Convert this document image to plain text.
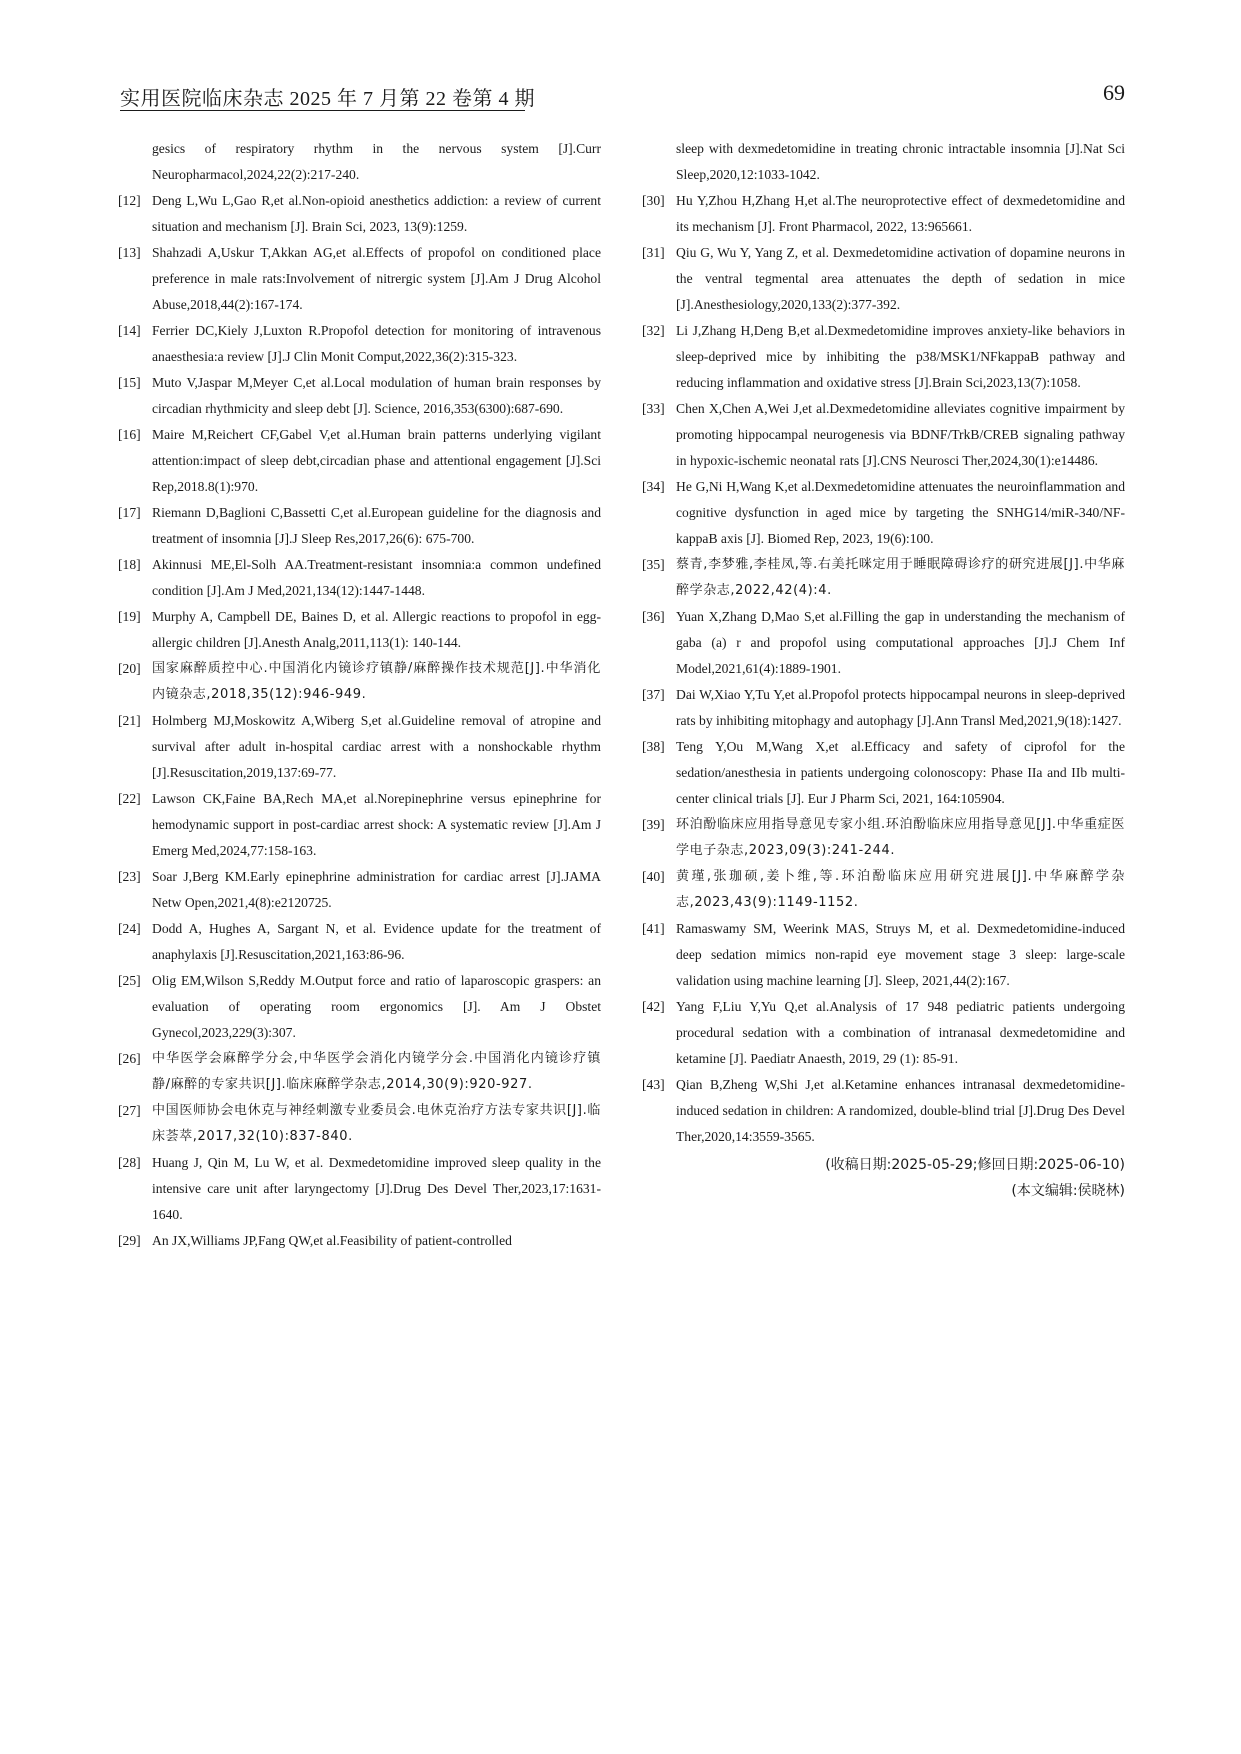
实用医院临床杂志 2025 年 7 月第 22 卷第 4 期	69

gesics of respiratory rhythm in the nervous system [J].Curr Neuropharmacol,2024,22(2):217-240.

[12] Deng L,Wu L,Gao R,et al.Non-opioid anesthetics addiction: a review of current situation and mechanism [J]. Brain Sci, 2023, 13(9):1259.

[13] Shahzadi A,Uskur T,Akkan AG,et al.Effects of propofol on conditioned place preference in male rats:Involvement of nitrergic system [J].Am J Drug Alcohol Abuse,2018,44(2):167-174.

[14] Ferrier DC,Kiely J,Luxton R.Propofol detection for monitoring of intravenous anaesthesia:a review [J].J Clin Monit Comput,2022,36(2):315-323.

[15] Muto V,Jaspar M,Meyer C,et al.Local modulation of human brain responses by circadian rhythmicity and sleep debt [J]. Science, 2016,353(6300):687-690.

[16] Maire M,Reichert CF,Gabel V,et al.Human brain patterns underlying vigilant attention:impact of sleep debt,circadian phase and attentional engagement [J].Sci Rep,2018.8(1):970.

[17] Riemann D,Baglioni C,Bassetti C,et al.European guideline for the diagnosis and treatment of insomnia [J].J Sleep Res,2017,26(6): 675-700.

[18] Akinnusi ME,El-Solh AA.Treatment-resistant insomnia:a common undefined condition [J].Am J Med,2021,134(12):1447-1448.

[19] Murphy A, Campbell DE, Baines D, et al. Allergic reactions to propofol in egg-allergic children [J].Anesth Analg,2011,113(1): 140-144.

[20] 国家麻醉质控中心.中国消化内镜诊疗镇静/麻醉操作技术规范[J].中华消化内镜杂志,2018,35(12):946-949.

[21] Holmberg MJ,Moskowitz A,Wiberg S,et al.Guideline removal of atropine and survival after adult in-hospital cardiac arrest with a nonshockable rhythm [J].Resuscitation,2019,137:69-77.

[22] Lawson CK,Faine BA,Rech MA,et al.Norepinephrine versus epinephrine for hemodynamic support in post-cardiac arrest shock: A systematic review [J].Am J Emerg Med,2024,77:158-163.

[23] Soar J,Berg KM.Early epinephrine administration for cardiac arrest [J].JAMA Netw Open,2021,4(8):e2120725.

[24] Dodd A, Hughes A, Sargant N, et al. Evidence update for the treatment of anaphylaxis [J].Resuscitation,2021,163:86-96.

[25] Olig EM,Wilson S,Reddy M.Output force and ratio of laparoscopic graspers: an evaluation of operating room ergonomics [J]. Am J Obstet Gynecol,2023,229(3):307.

[26] 中华医学会麻醉学分会,中华医学会消化内镜学分会.中国消化内镜诊疗镇静/麻醉的专家共识[J].临床麻醉学杂志,2014,30(9):920-927.

[27] 中国医师协会电休克与神经刺激专业委员会.电休克治疗方法专家共识[J].临床荟萃,2017,32(10):837-840.

[28] Huang J, Qin M, Lu W, et al. Dexmedetomidine improved sleep quality in the intensive care unit after laryngectomy [J].Drug Des Devel Ther,2023,17:1631-1640.

[29] An JX,Williams JP,Fang QW,et al.Feasibility of patient-controlled

sleep with dexmedetomidine in treating chronic intractable insomnia [J].Nat Sci Sleep,2020,12:1033-1042.

[30] Hu Y,Zhou H,Zhang H,et al.The neuroprotective effect of dexmedetomidine and its mechanism [J]. Front Pharmacol, 2022, 13:965661.

[31] Qiu G, Wu Y, Yang Z, et al. Dexmedetomidine activation of dopamine neurons in the ventral tegmental area attenuates the depth of sedation in mice [J].Anesthesiology,2020,133(2):377-392.

[32] Li J,Zhang H,Deng B,et al.Dexmedetomidine improves anxiety-like behaviors in sleep-deprived mice by inhibiting the p38/MSK1/NFkappaB pathway and reducing inflammation and oxidative stress [J].Brain Sci,2023,13(7):1058.

[33] Chen X,Chen A,Wei J,et al.Dexmedetomidine alleviates cognitive impairment by promoting hippocampal neurogenesis via BDNF/TrkB/CREB signaling pathway in hypoxic-ischemic neonatal rats [J].CNS Neurosci Ther,2024,30(1):e14486.

[34] He G,Ni H,Wang K,et al.Dexmedetomidine attenuates the neuroinflammation and cognitive dysfunction in aged mice by targeting the SNHG14/miR-340/NF-kappaB axis [J]. Biomed Rep, 2023, 19(6):100.

[35] 蔡青,李梦雅,李桂凤,等.右美托咪定用于睡眠障碍诊疗的研究进展[J].中华麻醉学杂志,2022,42(4):4.

[36] Yuan X,Zhang D,Mao S,et al.Filling the gap in understanding the mechanism of gaba (a) r and propofol using computational approaches [J].J Chem Inf Model,2021,61(4):1889-1901.

[37] Dai W,Xiao Y,Tu Y,et al.Propofol protects hippocampal neurons in sleep-deprived rats by inhibiting mitophagy and autophagy [J].Ann Transl Med,2021,9(18):1427.

[38] Teng Y,Ou M,Wang X,et al.Efficacy and safety of ciprofol for the sedation/anesthesia in patients undergoing colonoscopy: Phase IIa and IIb multi-center clinical trials [J]. Eur J Pharm Sci, 2021, 164:105904.

[39] 环泊酚临床应用指导意见专家小组.环泊酚临床应用指导意见[J].中华重症医学电子杂志,2023,09(3):241-244.

[40] 黄瑾,张珈硕,姜卜维,等.环泊酚临床应用研究进展[J].中华麻醉学杂志,2023,43(9):1149-1152.

[41] Ramaswamy SM, Weerink MAS, Struys M, et al. Dexmedetomidine-induced deep sedation mimics non-rapid eye movement stage 3 sleep: large-scale validation using machine learning [J]. Sleep, 2021,44(2):167.

[42] Yang F,Liu Y,Yu Q,et al.Analysis of 17 948 pediatric patients undergoing procedural sedation with a combination of intranasal dexmedetomidine and ketamine [J]. Paediatr Anaesth, 2019, 29 (1): 85-91.

[43] Qian B,Zheng W,Shi J,et al.Ketamine enhances intranasal dexmedetomidine-induced sedation in children: A randomized, double-blind trial [J].Drug Des Devel Ther,2020,14:3559-3565.

(收稿日期:2025-05-29;修回日期:2025-06-10)
(本文编辑:侯晓林)
